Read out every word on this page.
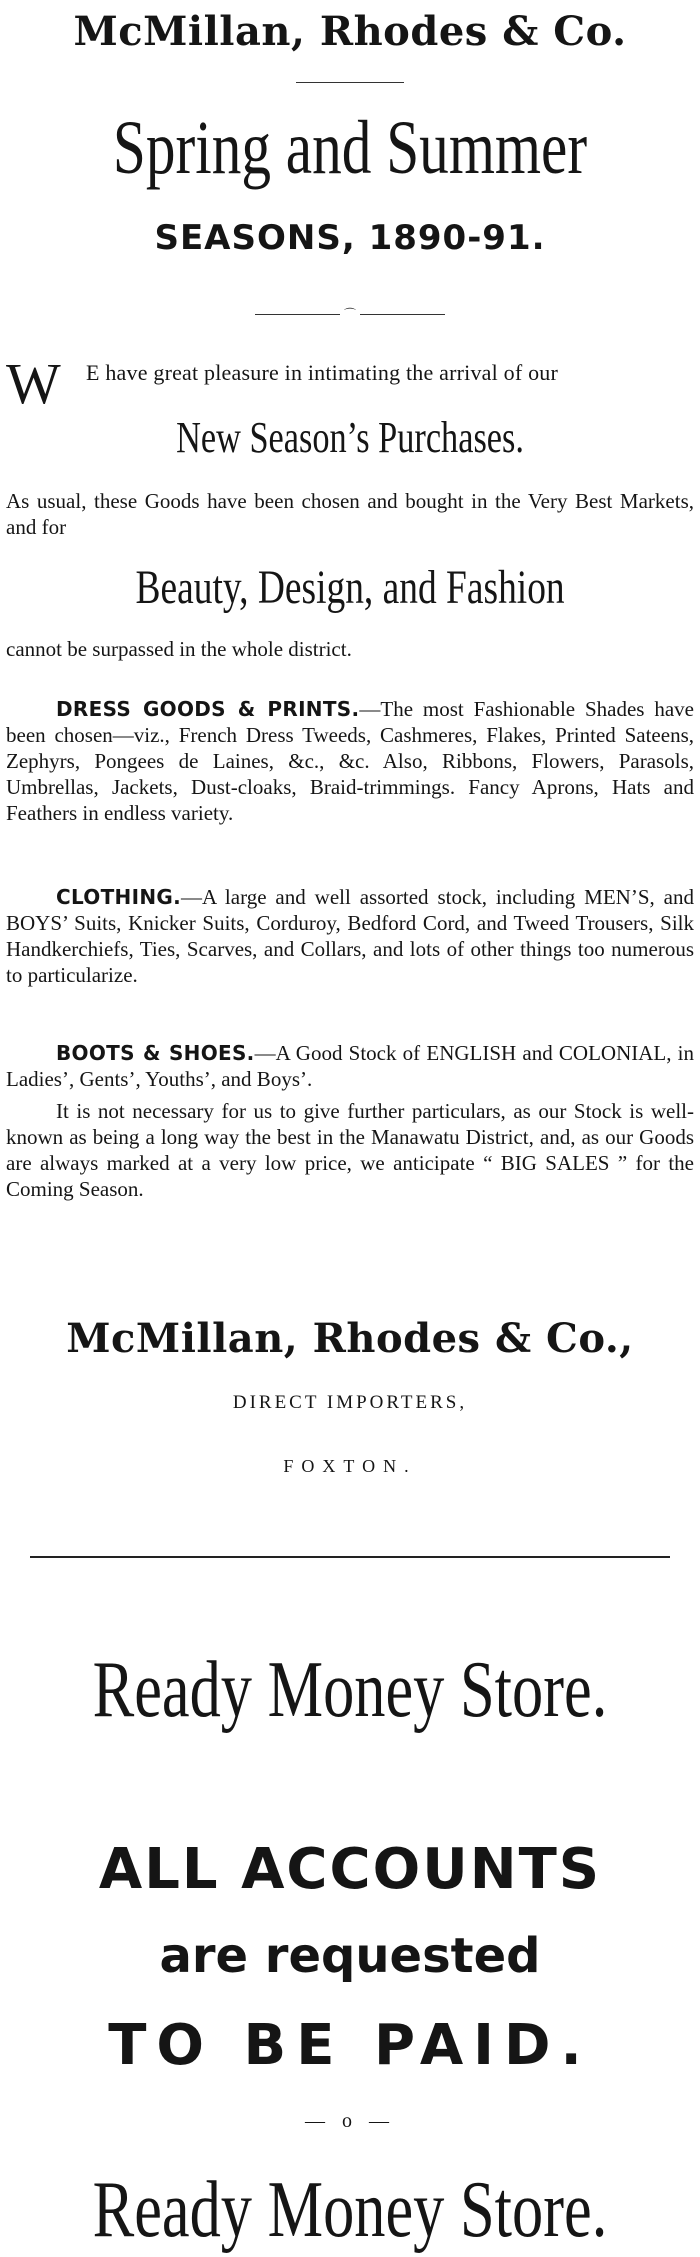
McMillan, Rhodes & Co.
Spring and Summer
SEASONS, 1890-91.
⌒
W E have great pleasure in intimating the arrival of our
New Season’s Purchases.
As usual, these Goods have been chosen and bought in the Very Best Markets, and for
Beauty, Design, and Fashion
cannot be surpassed in the whole district.
DRESS GOODS & PRINTS.—The most Fashionable Shades have been chosen—viz., French Dress Tweeds, Cashmeres, Flakes, Printed Sateens, Zephyrs, Pongees de Laines, &c., &c. Also, Ribbons, Flowers, Parasols, Umbrellas, Jackets, Dust-cloaks, Braid-trimmings. Fancy Aprons, Hats and Feathers in endless variety.
CLOTHING.—A large and well assorted stock, including MEN’S, and BOYS’ Suits, Knicker Suits, Corduroy, Bedford Cord, and Tweed Trousers, Silk Handkerchiefs, Ties, Scarves, and Collars, and lots of other things too numerous to particularize.
BOOTS & SHOES.—A Good Stock of ENGLISH and COLONIAL, in Ladies’, Gents’, Youths’, and Boys’.
It is not necessary for us to give further particulars, as our Stock is well-known as being a long way the best in the Manawatu District, and, as our Goods are always marked at a very low price, we anticipate “ BIG SALES ” for the Coming Season.
McMillan, Rhodes & Co.,
DIRECT IMPORTERS,
FOXTON.
Ready Money Store.
ALL ACCOUNTS
are requested
TO BE PAID.
— o —
Ready Money Store.
